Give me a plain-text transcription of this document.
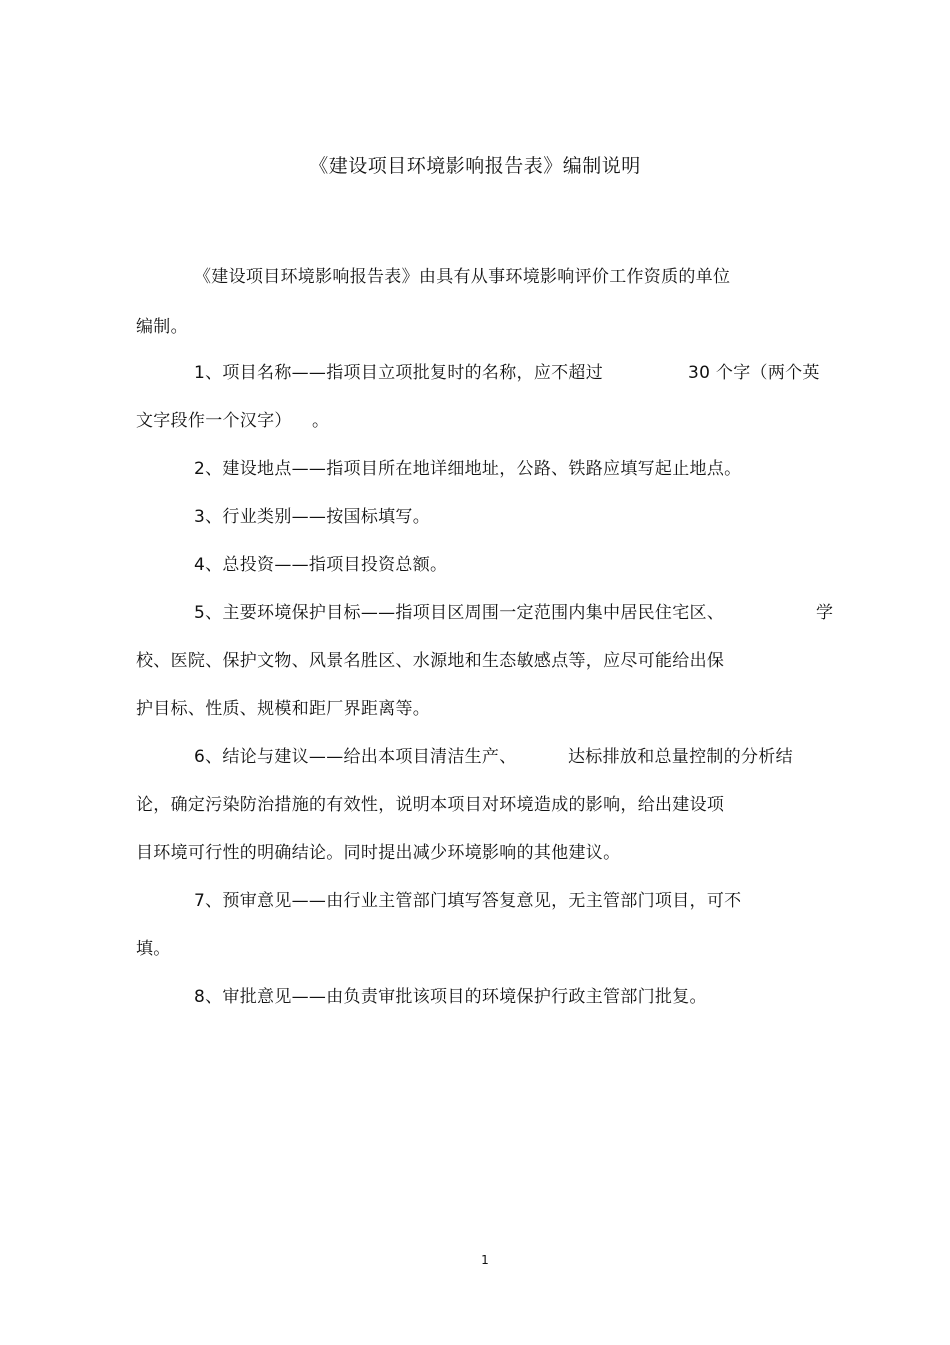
《建设项目环境影响报告表》编制说明
《建设项目环境影响报告表》由具有从事环境影响评价工作资质的单位
编制。
1、项目名称——指项目立项批复时的名称，应不超过	30 个字（两个英
文字段作一个汉字） 。
2、建设地点——指项目所在地详细地址，公路、铁路应填写起止地点。
3、行业类别——按国标填写。
4、总投资——指项目投资总额。
5、主要环境保护目标——指项目区周围一定范围内集中居民住宅区、	学
校、医院、保护文物、风景名胜区、水源地和生态敏感点等，应尽可能给出保
护目标、性质、规模和距厂界距离等。
6、结论与建议——给出本项目清洁生产、	达标排放和总量控制的分析结
论，确定污染防治措施的有效性，说明本项目对环境造成的影响，给出建设项
目环境可行性的明确结论。同时提出减少环境影响的其他建议。
7、预审意见——由行业主管部门填写答复意见，无主管部门项目，可不
填。
8、审批意见——由负责审批该项目的环境保护行政主管部门批复。
1
